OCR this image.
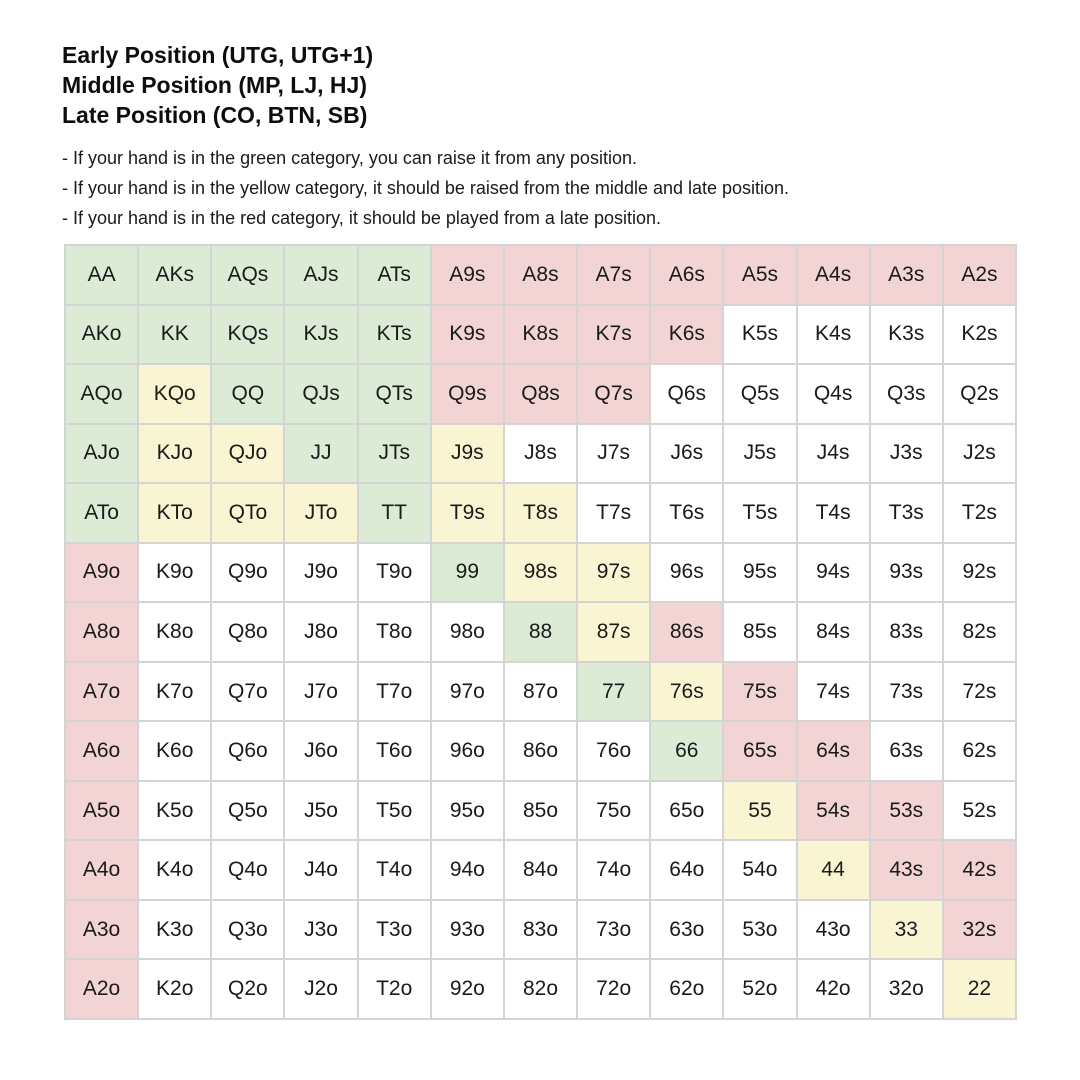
Early Position (UTG, UTG+1)
Middle Position (MP, LJ, HJ)
Late Position (CO, BTN, SB)
- If your hand is in the green category, you can raise it from any position.
- If your hand is in the yellow category, it should be raised from the middle and late position.
- If your hand is in the red category, it should be played from a late position.
AA	AKs	AQs	AJs	ATs	A9s	A8s	A7s	A6s	A5s	A4s	A3s	A2s
AKo	KK	KQs	KJs	KTs	K9s	K8s	K7s	K6s	K5s	K4s	K3s	K2s
AQo	KQo	QQ	QJs	QTs	Q9s	Q8s	Q7s	Q6s	Q5s	Q4s	Q3s	Q2s
AJo	KJo	QJo	JJ	JTs	J9s	J8s	J7s	J6s	J5s	J4s	J3s	J2s
ATo	KTo	QTo	JTo	TT	T9s	T8s	T7s	T6s	T5s	T4s	T3s	T2s
A9o	K9o	Q9o	J9o	T9o	99	98s	97s	96s	95s	94s	93s	92s
A8o	K8o	Q8o	J8o	T8o	98o	88	87s	86s	85s	84s	83s	82s
A7o	K7o	Q7o	J7o	T7o	97o	87o	77	76s	75s	74s	73s	72s
A6o	K6o	Q6o	J6o	T6o	96o	86o	76o	66	65s	64s	63s	62s
A5o	K5o	Q5o	J5o	T5o	95o	85o	75o	65o	55	54s	53s	52s
A4o	K4o	Q4o	J4o	T4o	94o	84o	74o	64o	54o	44	43s	42s
A3o	K3o	Q3o	J3o	T3o	93o	83o	73o	63o	53o	43o	33	32s
A2o	K2o	Q2o	J2o	T2o	92o	82o	72o	62o	52o	42o	32o	22
